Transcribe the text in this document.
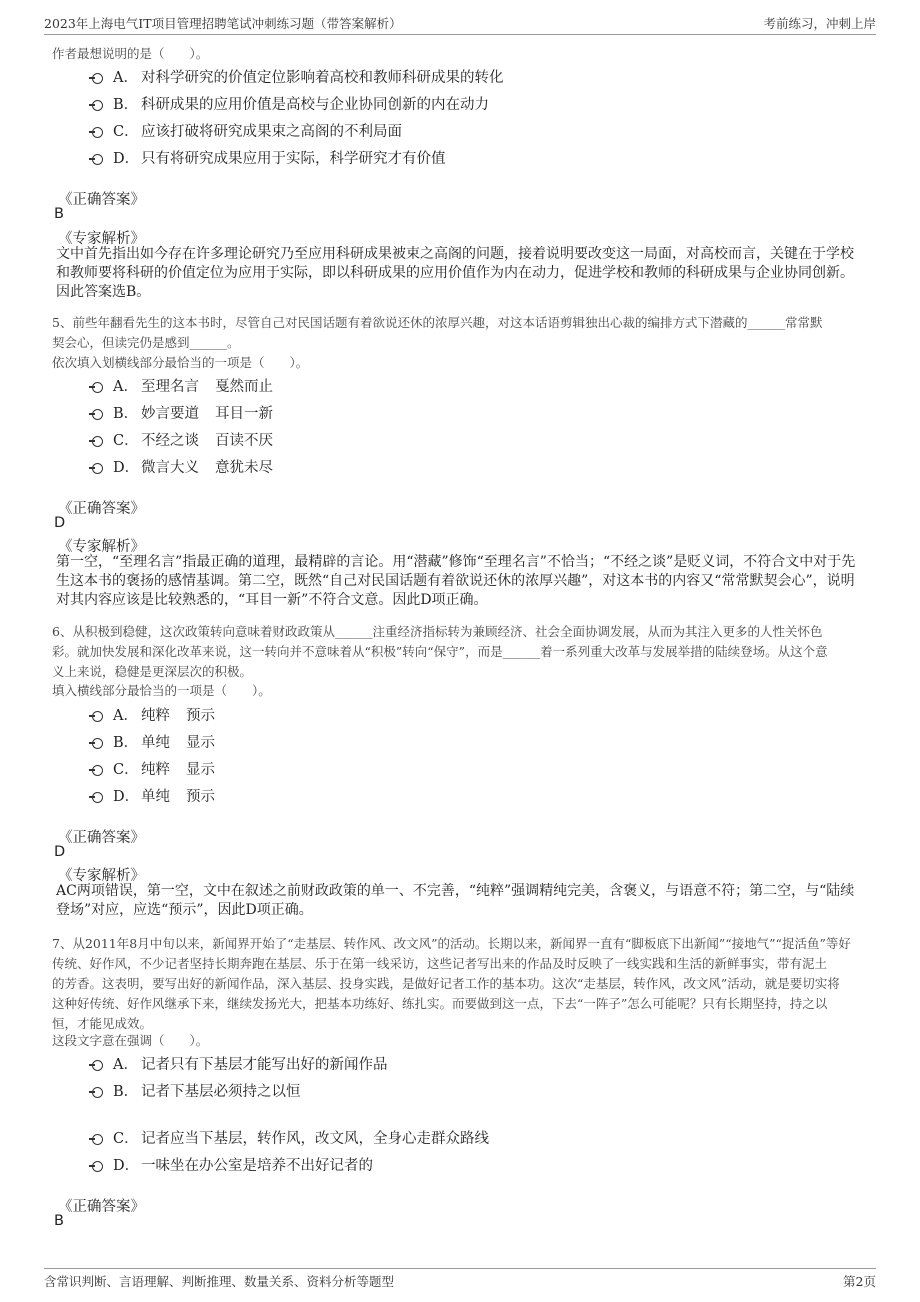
2023年上海电气IT项目管理招聘笔试冲刺练习题（带答案解析）	考前练习，冲刺上岸
作者最想说明的是（　　）。
A． 对科学研究的价值定位影响着高校和教师科研成果的转化
B． 科研成果的应用价值是高校与企业协同创新的内在动力
C． 应该打破将研究成果束之高阁的不利局面
D． 只有将研究成果应用于实际，科学研究才有价值
《正确答案》
B
《专家解析》
文中首先指出如今存在许多理论研究乃至应用科研成果被束之高阁的问题，接着说明要改变这一局面，对高校而言，关键在于学校和教师要将科研的价值定位为应用于实际，即以科研成果的应用价值作为内在动力，促进学校和教师的科研成果与企业协同创新。因此答案选B。
5、前些年翻看先生的这本书时，尽管自己对民国话题有着欲说还休的浓厚兴趣，对这本话语剪辑独出心裁的编排方式下潜藏的______常常默
契会心，但读完仍是感到______。
依次填入划横线部分最恰当的一项是（　　）。
A． 至理名言 戛然而止
B． 妙言要道 耳目一新
C． 不经之谈 百读不厌
D． 微言大义 意犹未尽
《正确答案》
D
《专家解析》
第一空，“至理名言”指最正确的道理，最精辟的言论。用“潜藏”修饰“至理名言”不恰当；“不经之谈”是贬义词，不符合文中对于先生这本书的褒扬的感情基调。第二空，既然“自己对民国话题有着欲说还休的浓厚兴趣”，对这本书的内容又“常常默契会心”，说明对其内容应该是比较熟悉的，“耳目一新”不符合文意。因此D项正确。
6、从积极到稳健，这次政策转向意味着财政政策从______注重经济指标转为兼顾经济、社会全面协调发展，从而为其注入更多的人性关怀色
彩。就加快发展和深化改革来说，这一转向并不意味着从“积极”转向“保守”，而是______着一系列重大改革与发展举措的陆续登场。从这个意
义上来说，稳健是更深层次的积极。
填入横线部分最恰当的一项是（　　）。
A． 纯粹 预示
B． 单纯 显示
C． 纯粹 显示
D． 单纯 预示
《正确答案》
D
《专家解析》
AC两项错误，第一空，文中在叙述之前财政政策的单一、不完善，“纯粹”强调精纯完美，含褒义，与语意不符；第二空，与“陆续登场”对应，应选“预示”，因此D项正确。
7、从2011年8月中旬以来，新闻界开始了“走基层、转作风、改文风”的活动。长期以来，新闻界一直有“脚板底下出新闻”“接地气”“捉活鱼”等好
传统、好作风，不少记者坚持长期奔跑在基层、乐于在第一线采访，这些记者写出来的作品及时反映了一线实践和生活的新鲜事实，带有泥土
的芳香。这表明，要写出好的新闻作品，深入基层、投身实践，是做好记者工作的基本功。这次“走基层，转作风，改文风”活动，就是要切实将
这种好传统、好作风继承下来，继续发扬光大，把基本功练好、练扎实。而要做到这一点，下去“一阵子”怎么可能呢？只有长期坚持，持之以
恒，才能见成效。
这段文字意在强调（　　）。
A． 记者只有下基层才能写出好的新闻作品
B． 记者下基层必须持之以恒
C． 记者应当下基层，转作风，改文风，全身心走群众路线
D． 一味坐在办公室是培养不出好记者的
《正确答案》
B
含常识判断、言语理解、判断推理、数量关系、资料分析等题型	第2页
